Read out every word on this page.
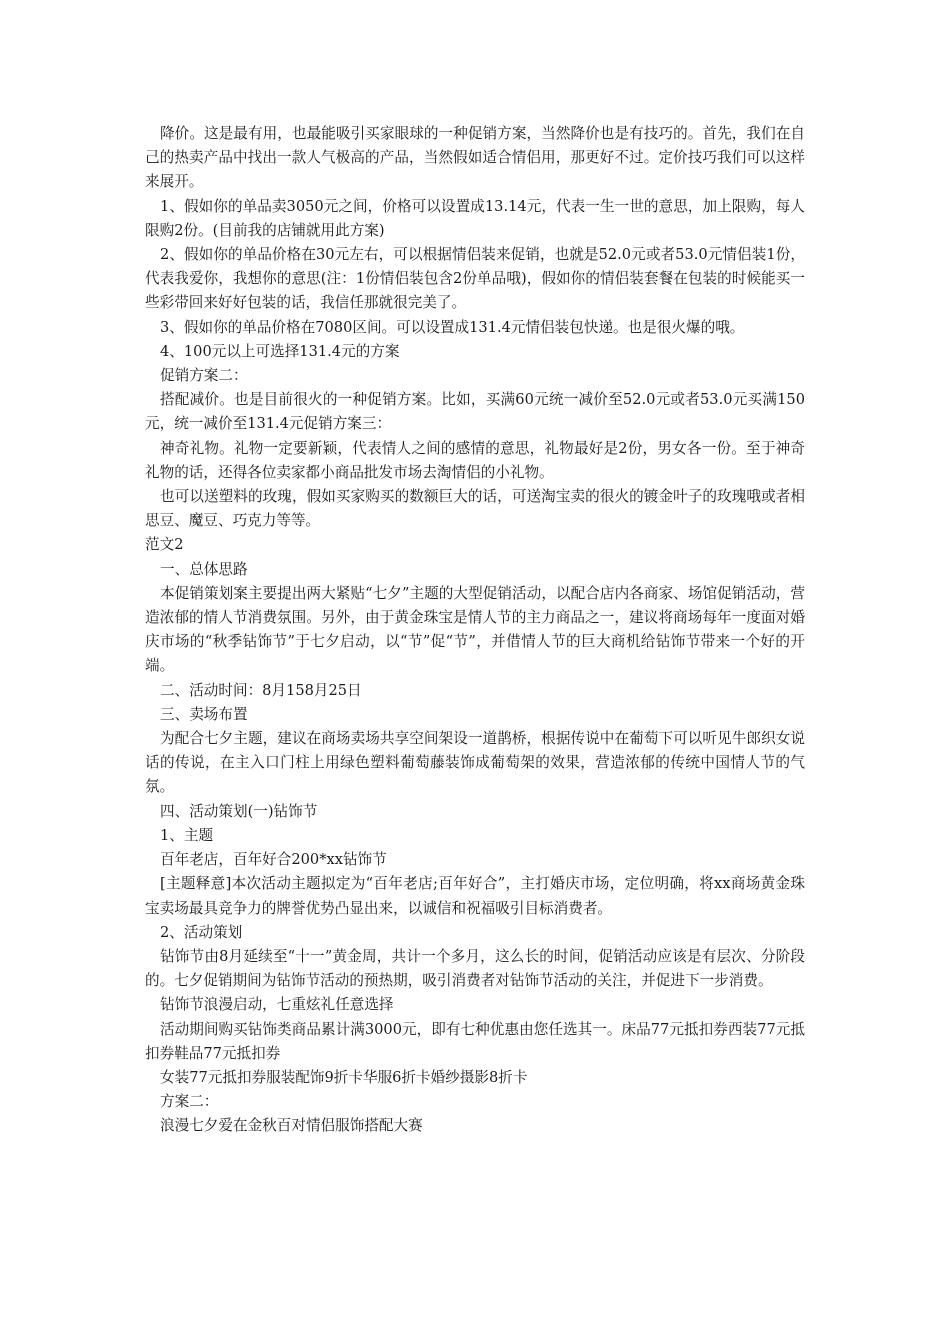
降价。这是最有用，也最能吸引买家眼球的一种促销方案，当然降价也是有技巧的。首先，我们在自己的热卖产品中找出一款人气极高的产品，当然假如适合情侣用，那更好不过。定价技巧我们可以这样来展开。

1、假如你的单品卖3050元之间，价格可以设置成13.14元，代表一生一世的意思，加上限购，每人限购2份。(目前我的店铺就用此方案)

2、假如你的单品价格在30元左右，可以根据情侣装来促销，也就是52.0元或者53.0元情侣装1份，代表我爱你，我想你的意思(注：1份情侣装包含2份单品哦)，假如你的情侣装套餐在包装的时候能买一些彩带回来好好包装的话，我信任那就很完美了。

3、假如你的单品价格在7080区间。可以设置成131.4元情侣装包快递。也是很火爆的哦。

4、100元以上可选择131.4元的方案

促销方案二：

搭配减价。也是目前很火的一种促销方案。比如，买满60元统一减价至52.0元或者53.0元买满150元，统一减价至131.4元促销方案三：

神奇礼物。礼物一定要新颖，代表情人之间的感情的意思，礼物最好是2份，男女各一份。至于神奇礼物的话，还得各位卖家都小商品批发市场去淘情侣的小礼物。

也可以送塑料的玫瑰，假如买家购买的数额巨大的话，可送淘宝卖的很火的镀金叶子的玫瑰哦或者相思豆、魔豆、巧克力等等。

范文2

一、总体思路

本促销策划案主要提出两大紧贴“七夕”主题的大型促销活动，以配合店内各商家、场馆促销活动，营造浓郁的情人节消费氛围。另外，由于黄金珠宝是情人节的主力商品之一，建议将商场每年一度面对婚庆市场的“秋季钻饰节”于七夕启动，以“节”促“节”，并借情人节的巨大商机给钻饰节带来一个好的开端。

二、活动时间：8月158月25日

三、卖场布置

为配合七夕主题，建议在商场卖场共享空间架设一道鹊桥，根据传说中在葡萄下可以听见牛郎织女说话的传说，在主入口门柱上用绿色塑料葡萄藤装饰成葡萄架的效果，营造浓郁的传统中国情人节的气氛。

四、活动策划(一)钻饰节

1、主题

百年老店，百年好合200*xx钻饰节

[主题释意]本次活动主题拟定为“百年老店;百年好合”，主打婚庆市场，定位明确，将xx商场黄金珠宝卖场最具竞争力的牌誉优势凸显出来，以诚信和祝福吸引目标消费者。

2、活动策划

钻饰节由8月延续至“十一”黄金周，共计一个多月，这么长的时间，促销活动应该是有层次、分阶段的。七夕促销期间为钻饰节活动的预热期，吸引消费者对钻饰节活动的关注，并促进下一步消费。

钻饰节浪漫启动，七重炫礼任意选择

活动期间购买钻饰类商品累计满3000元，即有七种优惠由您任选其一。床品77元抵扣券西装77元抵扣券鞋品77元抵扣券

女装77元抵扣券服装配饰9折卡华服6折卡婚纱摄影8折卡

方案二：

浪漫七夕爱在金秋百对情侣服饰搭配大赛
